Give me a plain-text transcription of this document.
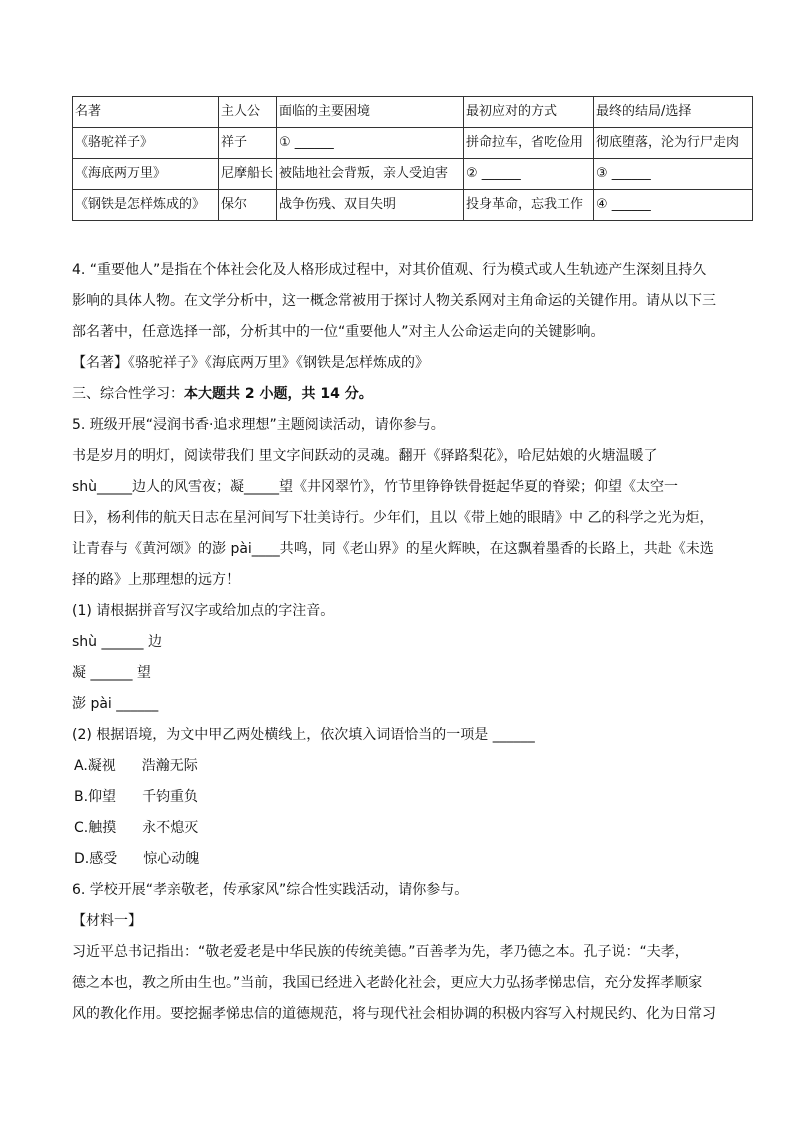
名著	主人公	面临的主要困境	最初应对的方式	最终的结局/选择
《骆驼祥子》	祥子	① ______	拼命拉车，省吃俭用	彻底堕落，沦为行尸走肉
《海底两万里》	尼摩船长	被陆地社会背叛，亲人受迫害	② ______	③ ______
《钢铁是怎样炼成的》	保尔	战争伤残、双目失明	投身革命，忘我工作	④ ______

4. “重要他人”是指在个体社会化及人格形成过程中，对其价值观、行为模式或人生轨迹产生深刻且持久

影响的具体人物。在文学分析中，这一概念常被用于探讨人物关系网对主角命运的关键作用。请从以下三

部名著中，任意选择一部，分析其中的一位“重要他人”对主人公命运走向的关键影响。

【名著】《骆驼祥子》《海底两万里》《钢铁是怎样炼成的》

三、综合性学习：本大题共 2 小题，共 14 分。

5. 班级开展“浸润书香·追求理想”主题阅读活动，请你参与。

书是岁月的明灯，阅读带我们 里文字间跃动的灵魂。翻开《驿路梨花》，哈尼姑娘的火塘温暖了

shù_____边人的风雪夜；凝_____望《井冈翠竹》，竹节里铮铮铁骨挺起华夏的脊梁；仰望《太空一

日》，杨利伟的航天日志在星河间写下壮美诗行。少年们，且以《带上她的眼睛》中 乙的科学之光为炬，

让青春与《黄河颂》的澎 pài____共鸣，同《老山界》的星火辉映，在这飘着墨香的长路上，共赴《未选

择的路》上那理想的远方！

(1) 请根据拼音写汉字或给加点的字注音。

shù ______ 边

凝 ______ 望

澎 pài ______

(2) 根据语境，为文中甲乙两处横线上，依次填入词语恰当的一项是 ______

A.凝视 浩瀚无际

B.仰望 千钧重负

C.触摸 永不熄灭

D.感受 惊心动魄

6. 学校开展“孝亲敬老，传承家风”综合性实践活动，请你参与。

【材料一】

习近平总书记指出：“敬老爱老是中华民族的传统美德。”百善孝为先，孝乃德之本。孔子说：“夫孝，

德之本也，教之所由生也。”当前，我国已经进入老龄化社会，更应大力弘扬孝悌忠信，充分发挥孝顺家

风的教化作用。要挖掘孝悌忠信的道德规范，将与现代社会相协调的积极内容写入村规民约、化为日常习
